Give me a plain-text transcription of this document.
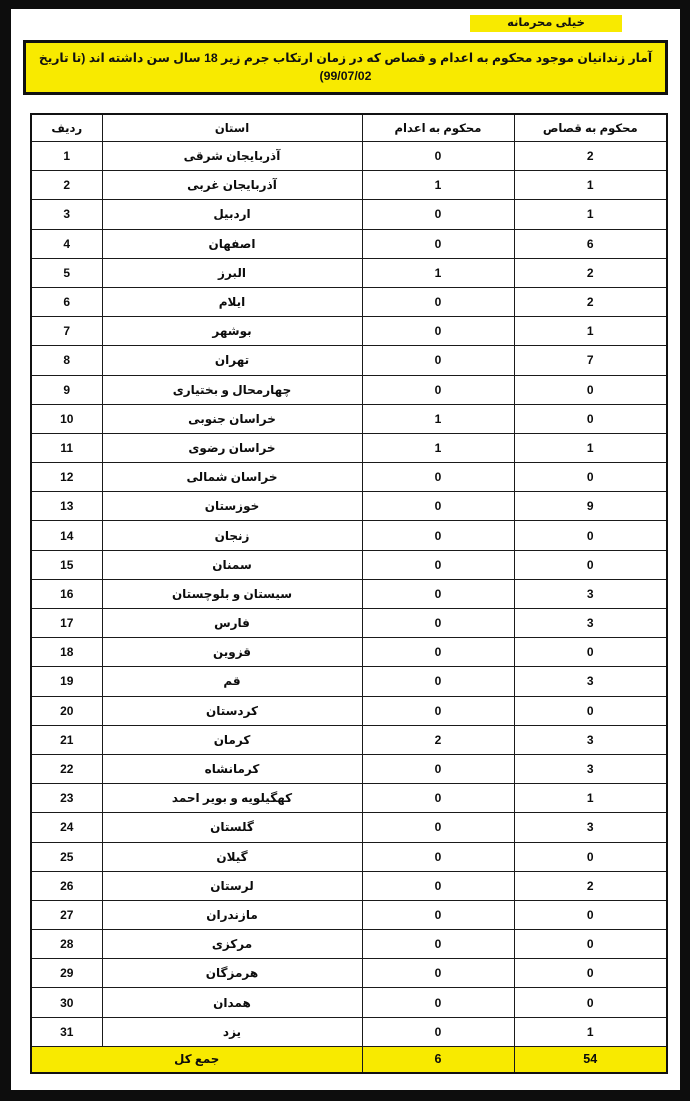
خیلی محرمانه
آمار زندانیان موجود محکوم به اعدام و قصاص که در زمان ارتکاب جرم زیر 18 سال سن داشته اند (تا تاریخ
(99/07/02
محکوم به قصاص	محکوم به اعدام	استان	ردیف
2	0	آذربایجان شرقی	1
1	1	آذربایجان غربی	2
1	0	اردبیل	3
6	0	اصفهان	4
2	1	البرز	5
2	0	ایلام	6
1	0	بوشهر	7
7	0	تهران	8
0	0	چهارمحال و بختیاری	9
0	1	خراسان جنوبی	10
1	1	خراسان رضوی	11
0	0	خراسان شمالی	12
9	0	خوزستان	13
0	0	زنجان	14
0	0	سمنان	15
3	0	سیستان و بلوچستان	16
3	0	فارس	17
0	0	قزوین	18
3	0	قم	19
0	0	کردستان	20
3	2	کرمان	21
3	0	کرمانشاه	22
1	0	کهگیلویه و بویر احمد	23
3	0	گلستان	24
0	0	گیلان	25
2	0	لرستان	26
0	0	مازندران	27
0	0	مرکزی	28
0	0	هرمزگان	29
0	0	همدان	30
1	0	یزد	31
54	6	جمع کل	
